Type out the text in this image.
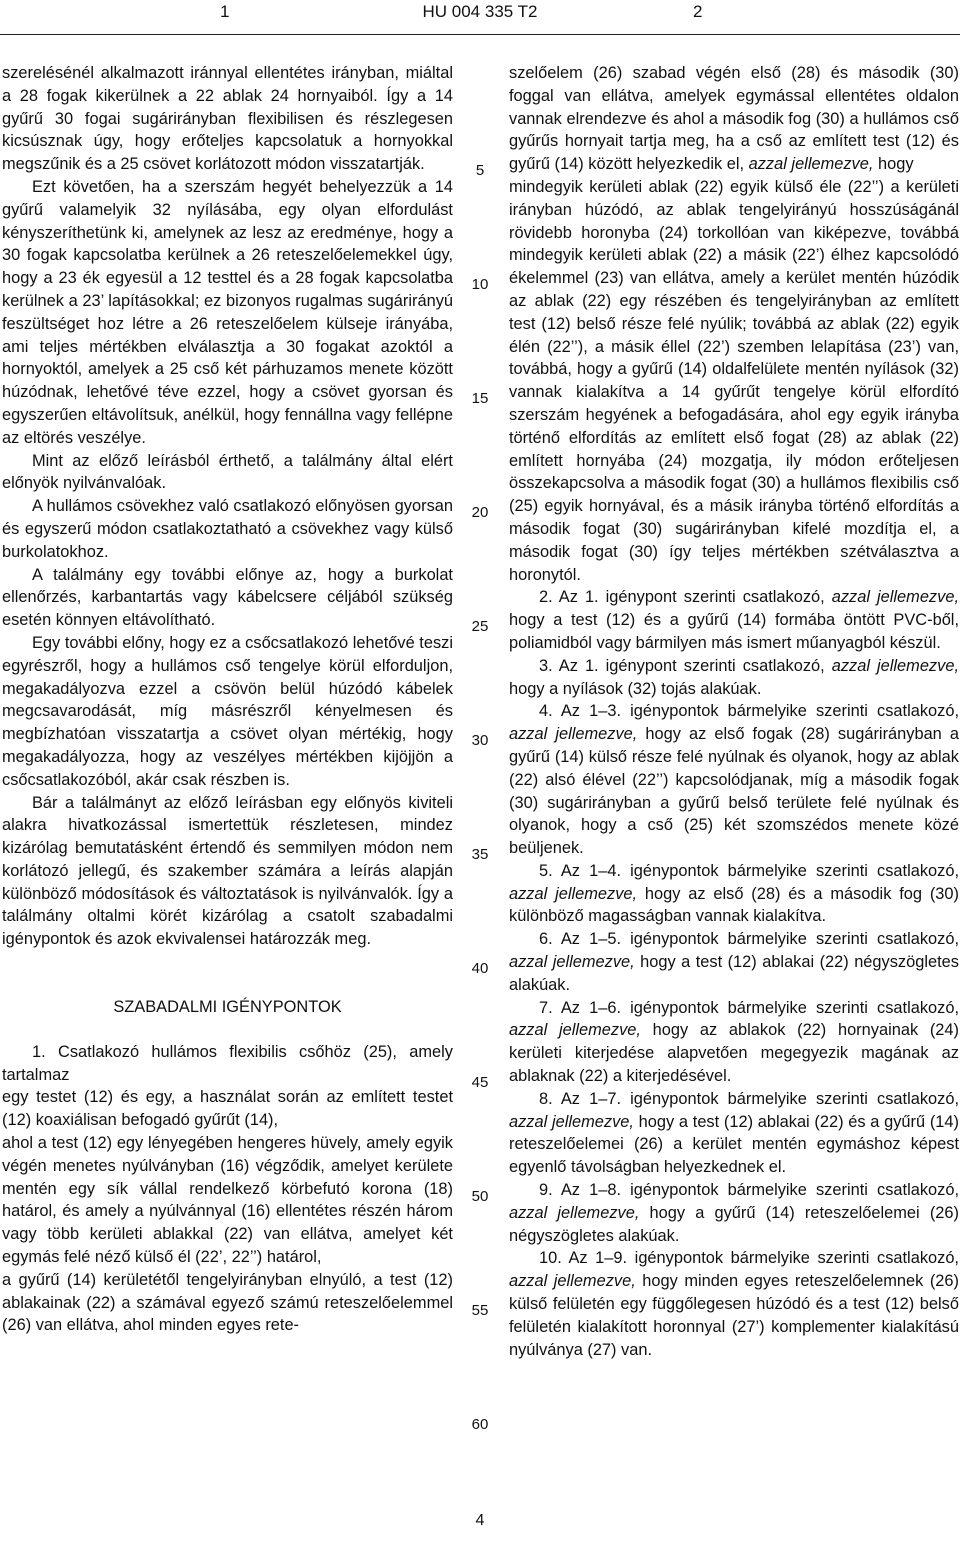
1	HU 004 335 T2	2

szerelésénél alkalmazott iránnyal ellentétes irányban, miáltal a 28 fogak kikerülnek a 22 ablak 24 hornyaiból. Így a 14 gyűrű 30 fogai sugárirányban flexibilisen és részlegesen kicsúsznak úgy, hogy erőteljes kapcsolatuk a hornyokkal megszűnik és a 25 csövet korlátozott módon visszatartják.

Ezt követően, ha a szerszám hegyét behelyezzük a 14 gyűrű valamelyik 32 nyílásába, egy olyan elfordulást kényszeríthetünk ki, amelynek az lesz az eredménye, hogy a 30 fogak kapcsolatba kerülnek a 26 reteszelőelemekkel úgy, hogy a 23 ék egyesül a 12 testtel és a 28 fogak kapcsolatba kerülnek a 23’ lapításokkal; ez bizonyos rugalmas sugárirányú feszültséget hoz létre a 26 reteszelőelem külseje irányába, ami teljes mértékben elválasztja a 30 fogakat azoktól a hornyoktól, amelyek a 25 cső két párhuzamos menete között húzódnak, lehetővé téve ezzel, hogy a csövet gyorsan és egyszerűen eltávolítsuk, anélkül, hogy fennállna vagy fellépne az eltörés veszélye.

Mint az előző leírásból érthető, a találmány által elért előnyök nyilvánvalóak.

A hullámos csövekhez való csatlakozó előnyösen gyorsan és egyszerű módon csatlakoztatható a csövekhez vagy külső burkolatokhoz.

A találmány egy további előnye az, hogy a burkolat ellenőrzés, karbantartás vagy kábelcsere céljából szükség esetén könnyen eltávolítható.

Egy további előny, hogy ez a csőcsatlakozó lehetővé teszi egyrészről, hogy a hullámos cső tengelye körül elforduljon, megakadályozva ezzel a csövön belül húzódó kábelek megcsavarodását, míg másrészről kényelmesen és megbízhatóan visszatartja a csövet olyan mértékig, hogy megakadályozza, hogy az veszélyes mértékben kijöjjön a csőcsatlakozóból, akár csak részben is.

Bár a találmányt az előző leírásban egy előnyös kiviteli alakra hivatkozással ismertettük részletesen, mindez kizárólag bemutatásként értendő és semmilyen módon nem korlátozó jellegű, és szakember számára a leírás alapján különböző módosítások és változtatások is nyilvánvalók. Így a találmány oltalmi körét kizárólag a csatolt szabadalmi igénypontok és azok ekvivalensei határozzák meg.

SZABADALMI IGÉNYPONTOK

1. Csatlakozó hullámos flexibilis csőhöz (25), amely tartalmaz

egy testet (12) és egy, a használat során az említett testet (12) koaxiálisan befogadó gyűrűt (14),

ahol a test (12) egy lényegében hengeres hüvely, amely egyik végén menetes nyúlványban (16) végződik, amelyet kerülete mentén egy sík vállal rendelkező körbefutó korona (18) határol, és amely a nyúlvánnyal (16) ellentétes részén három vagy több kerületi ablakkal (22) van ellátva, amelyet két egymás felé néző külső él (22’, 22’’) határol,

a gyűrű (14) kerületétől tengelyirányban elnyúló, a test (12) ablakainak (22) a számával egyező számú reteszelőelemmel (26) van ellátva, ahol minden egyes rete-

szelőelem (26) szabad végén első (28) és második (30) foggal van ellátva, amelyek egymással ellentétes oldalon vannak elrendezve és ahol a második fog (30) a hullámos cső gyűrűs hornyait tartja meg, ha a cső az említett test (12) és gyűrű (14) között helyezkedik el, azzal jellemezve, hogy

mindegyik kerületi ablak (22) egyik külső éle (22’’) a kerületi irányban húzódó, az ablak tengelyirányú hosszúságánál rövidebb horonyba (24) torkollóan van kiképezve, továbbá mindegyik kerületi ablak (22) a másik (22’) élhez kapcsolódó ékelemmel (23) van ellátva, amely a kerület mentén húzódik az ablak (22) egy részében és tengelyirányban az említett test (12) belső része felé nyúlik; továbbá az ablak (22) egyik élén (22’’), a másik éllel (22’) szemben lelapítása (23’) van, továbbá, hogy a gyűrű (14) oldalfelülete mentén nyílások (32) vannak kialakítva a 14 gyűrűt tengelye körül elfordító szerszám hegyének a befogadására, ahol egy egyik irányba történő elfordítás az említett első fogat (28) az ablak (22) említett hornyába (24) mozgatja, ily módon erőteljesen összekapcsolva a második fogat (30) a hullámos flexibilis cső (25) egyik hornyával, és a másik irányba történő elfordítás a második fogat (30) sugárirányban kifelé mozdítja el, a második fogat (30) így teljes mértékben szétválasztva a horonytól.

2. Az 1. igénypont szerinti csatlakozó, azzal jellemezve, hogy a test (12) és a gyűrű (14) formába öntött PVC-ből, poliamidból vagy bármilyen más ismert műanyagból készül.

3. Az 1. igénypont szerinti csatlakozó, azzal jellemezve, hogy a nyílások (32) tojás alakúak.

4. Az 1–3. igénypontok bármelyike szerinti csatlakozó, azzal jellemezve, hogy az első fogak (28) sugárirányban a gyűrű (14) külső része felé nyúlnak és olyanok, hogy az ablak (22) alsó élével (22’’) kapcsolódjanak, míg a második fogak (30) sugárirányban a gyűrű belső területe felé nyúlnak és olyanok, hogy a cső (25) két szomszédos menete közé beüljenek.

5. Az 1–4. igénypontok bármelyike szerinti csatlakozó, azzal jellemezve, hogy az első (28) és a második fog (30) különböző magasságban vannak kialakítva.

6. Az 1–5. igénypontok bármelyike szerinti csatlakozó, azzal jellemezve, hogy a test (12) ablakai (22) négyszögletes alakúak.

7. Az 1–6. igénypontok bármelyike szerinti csatlakozó, azzal jellemezve, hogy az ablakok (22) hornyainak (24) kerületi kiterjedése alapvetően megegyezik magának az ablaknak (22) a kiterjedésével.

8. Az 1–7. igénypontok bármelyike szerinti csatlakozó, azzal jellemezve, hogy a test (12) ablakai (22) és a gyűrű (14) reteszelőelemei (26) a kerület mentén egymáshoz képest egyenlő távolságban helyezkednek el.

9. Az 1–8. igénypontok bármelyike szerinti csatlakozó, azzal jellemezve, hogy a gyűrű (14) reteszelőelemei (26) négyszögletes alakúak.

10. Az 1–9. igénypontok bármelyike szerinti csatlakozó, azzal jellemezve, hogy minden egyes reteszelőelemnek (26) külső felületén egy függőlegesen húzódó és a test (12) belső felületén kialakított horonnyal (27’) komplementer kialakítású nyúlványa (27) van.

5
10
15
20
25
30
35
40
45
50
55
60
4
